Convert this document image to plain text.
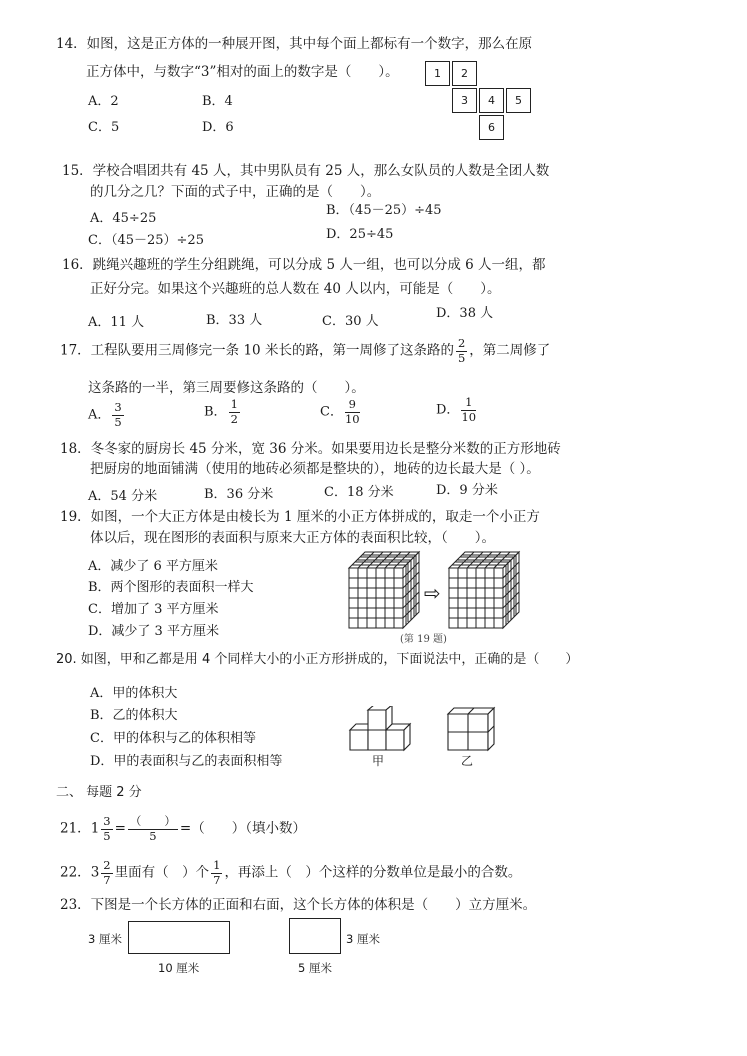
14．如图，这是正方体的一种展开图，其中每个面上都标有一个数字，那么在原
正方体中，与数字“3”相对的面上的数字是（　　）。
A．2	B．4
C．5	D．6
1	2
3	4	5
6
15．学校合唱团共有 45 人，其中男队员有 25 人，那么女队员的人数是全团人数
的几分之几？下面的式子中，正确的是（　　）。
A．45÷25
B．（45－25）÷45
C．（45－25）÷25	D．25÷45
16．跳绳兴趣班的学生分组跳绳，可以分成 5 人一组，也可以分成 6 人一组，都
正好分完。如果这个兴趣班的总人数在 40 人以内，可能是（　　）。
A．11 人	B．33 人	C．30 人
D．38 人
17．工程队要用三周修完一条 10 米长的路，第一周修了这条路的 $\frac{2}{5}$ ，第二周修了
这条路的一半，第三周要修这条路的（　　）。
A． $\frac{3}{5}$	B． $\frac{1}{2}$	C． $\frac{9}{10}$	D． $\frac{1}{10}$
18．冬冬家的厨房长 45 分米，宽 36 分米。如果要用边长是整分米数的正方形地砖
把厨房的地面铺满（使用的地砖必须都是整块的），地砖的边长最大是（ ）。
A．54 分米	B．36 分米	C．18 分米	D．9 分米
19．如图，一个大正方体是由棱长为 1 厘米的小正方体拼成的，取走一个小正方
体以后，现在图形的表面积与原来大正方体的表面积比较，（　　）。
A．减少了 6 平方厘米
B．两个图形的表面积一样大
C．增加了 3 平方厘米
D．减少了 3 平方厘米
⇨
(第 19 题)
20. 如图，甲和乙都是用 4 个同样大小的小正方形拼成的，下面说法中，正确的是（　　）
A．甲的体积大
B．乙的体积大
C．甲的体积与乙的体积相等
D．甲的表面积与乙的表面积相等	甲	乙
二、 每题 2 分
21．$1 \frac{3}{5} = \frac{( )}{5}$ =（　　）（填小数）
22．$3 \frac{2}{7}$ 里面有（　）个 $\frac{1}{7}$ ，再添上（　）个这样的分数单位是最小的合数。
23．下图是一个长方体的正面和右面，这个长方体的体积是（　　）立方厘米。
3 厘米
10 厘米
3 厘米
5 厘米
